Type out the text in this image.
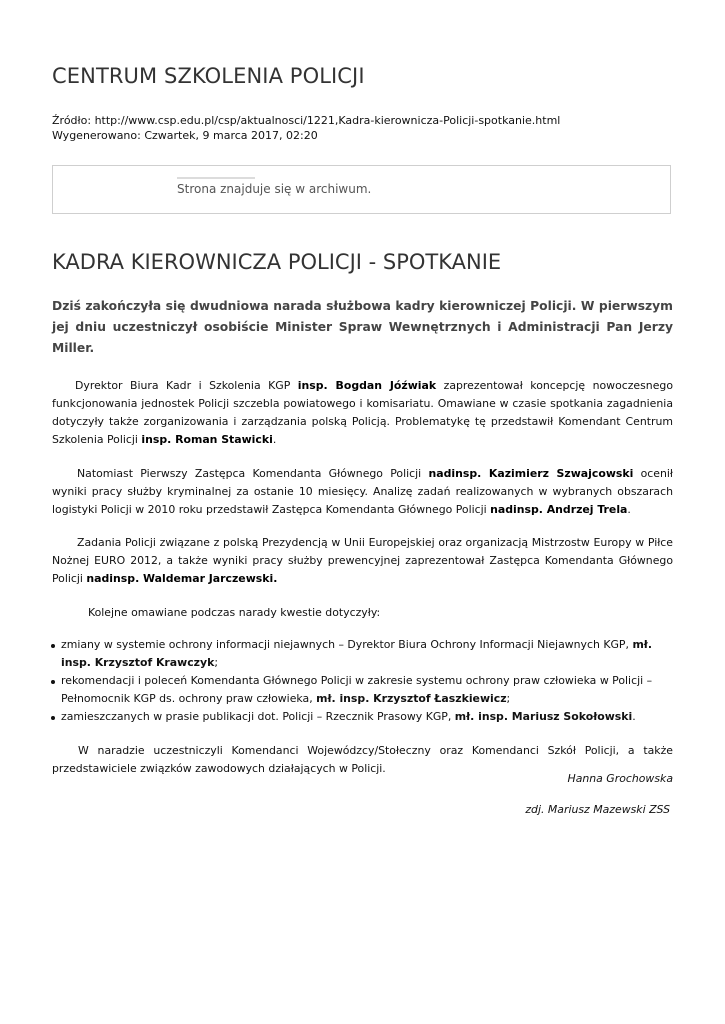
CENTRUM SZKOLENIA POLICJI
Źródło: http://www.csp.edu.pl/csp/aktualnosci/1221,Kadra-kierownicza-Policji-spotkanie.html
Wygenerowano: Czwartek, 9 marca 2017, 02:20
Strona znajduje się w archiwum.
KADRA KIEROWNICZA POLICJI - SPOTKANIE

Dziś zakończyła się dwudniowa narada służbowa kadry kierowniczej Policji. W pierwszym jej dniu uczestniczył osobiście Minister Spraw Wewnętrznych i Administracji Pan Jerzy Miller.

Dyrektor Biura Kadr i Szkolenia KGP insp. Bogdan Jóźwiak zaprezentował koncepcję nowoczesnego funkcjonowania jednostek Policji szczebla powiatowego i komisariatu. Omawiane w czasie spotkania zagadnienia dotyczyły także zorganizowania i zarządzania polską Policją. Problematykę tę przedstawił Komendant Centrum Szkolenia Policji insp. Roman Stawicki.

Natomiast Pierwszy Zastępca Komendanta Głównego Policji nadinsp. Kazimierz Szwajcowski ocenił wyniki pracy służby kryminalnej za ostanie 10 miesięcy. Analizę zadań realizowanych w wybranych obszarach logistyki Policji w 2010 roku przedstawił Zastępca Komendanta Głównego Policji nadinsp. Andrzej Trela.

Zadania Policji związane z polską Prezydencją w Unii Europejskiej oraz organizacją Mistrzostw Europy w Piłce Nożnej EURO 2012, a także wyniki pracy służby prewencyjnej zaprezentował Zastępca Komendanta Głównego Policji nadinsp. Waldemar Jarczewski.

Kolejne omawiane podczas narady kwestie dotyczyły:

zmiany w systemie ochrony informacji niejawnych – Dyrektor Biura Ochrony Informacji Niejawnych KGP, mł. insp. Krzysztof Krawczyk;
rekomendacji i poleceń Komendanta Głównego Policji w zakresie systemu ochrony praw człowieka w Policji – Pełnomocnik KGP ds. ochrony praw człowieka, mł. insp. Krzysztof Łaszkiewicz;
zamieszczanych w prasie publikacji dot. Policji – Rzecznik Prasowy KGP, mł. insp. Mariusz Sokołowski.

W naradzie uczestniczyli Komendanci Wojewódzcy/Stołeczny oraz Komendanci Szkół Policji, a także przedstawiciele związków zawodowych działających w Policji.

Hanna Grochowska
zdj. Mariusz Mazewski ZSS
